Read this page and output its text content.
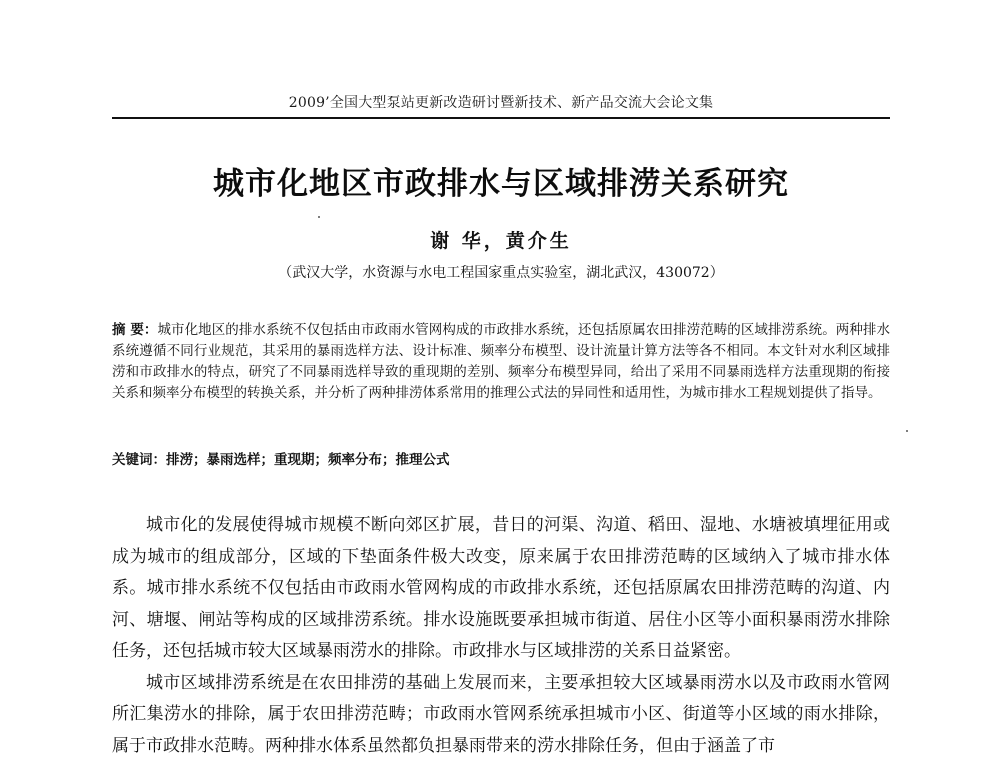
2009’全国大型泵站更新改造研讨暨新技术、新产品交流大会论文集
城市化地区市政排水与区域排涝关系研究
谢 华，黄介生
（武汉大学，水资源与水电工程国家重点实验室，湖北武汉，430072）
摘 要：城市化地区的排水系统不仅包括由市政雨水管网构成的市政排水系统，还包括原属农田排涝范畴的区域排涝系统。两种排水系统遵循不同行业规范，其采用的暴雨选样方法、设计标准、频率分布模型、设计流量计算方法等各不相同。本文针对水利区域排涝和市政排水的特点，研究了不同暴雨选样导致的重现期的差别、频率分布模型异同，给出了采用不同暴雨选样方法重现期的衔接关系和频率分布模型的转换关系，并分析了两种排涝体系常用的推理公式法的异同性和适用性，为城市排水工程规划提供了指导。
关键词：排涝；暴雨选样；重现期；频率分布；推理公式

城市化的发展使得城市规模不断向郊区扩展，昔日的河渠、沟道、稻田、湿地、水塘被填埋征用或成为城市的组成部分，区域的下垫面条件极大改变，原来属于农田排涝范畴的区域纳入了城市排水体系。城市排水系统不仅包括由市政雨水管网构成的市政排水系统，还包括原属农田排涝范畴的沟道、内河、塘堰、闸站等构成的区域排涝系统。排水设施既要承担城市街道、居住小区等小面积暴雨涝水排除任务，还包括城市较大区域暴雨涝水的排除。市政排水与区域排涝的关系日益紧密。

城市区域排涝系统是在农田排涝的基础上发展而来，主要承担较大区域暴雨涝水以及市政雨水管网所汇集涝水的排除，属于农田排涝范畴；市政雨水管网系统承担城市小区、街道等小区域的雨水排除，属于市政排水范畴。两种排水体系虽然都负担暴雨带来的涝水排除任务，但由于涵盖了市
